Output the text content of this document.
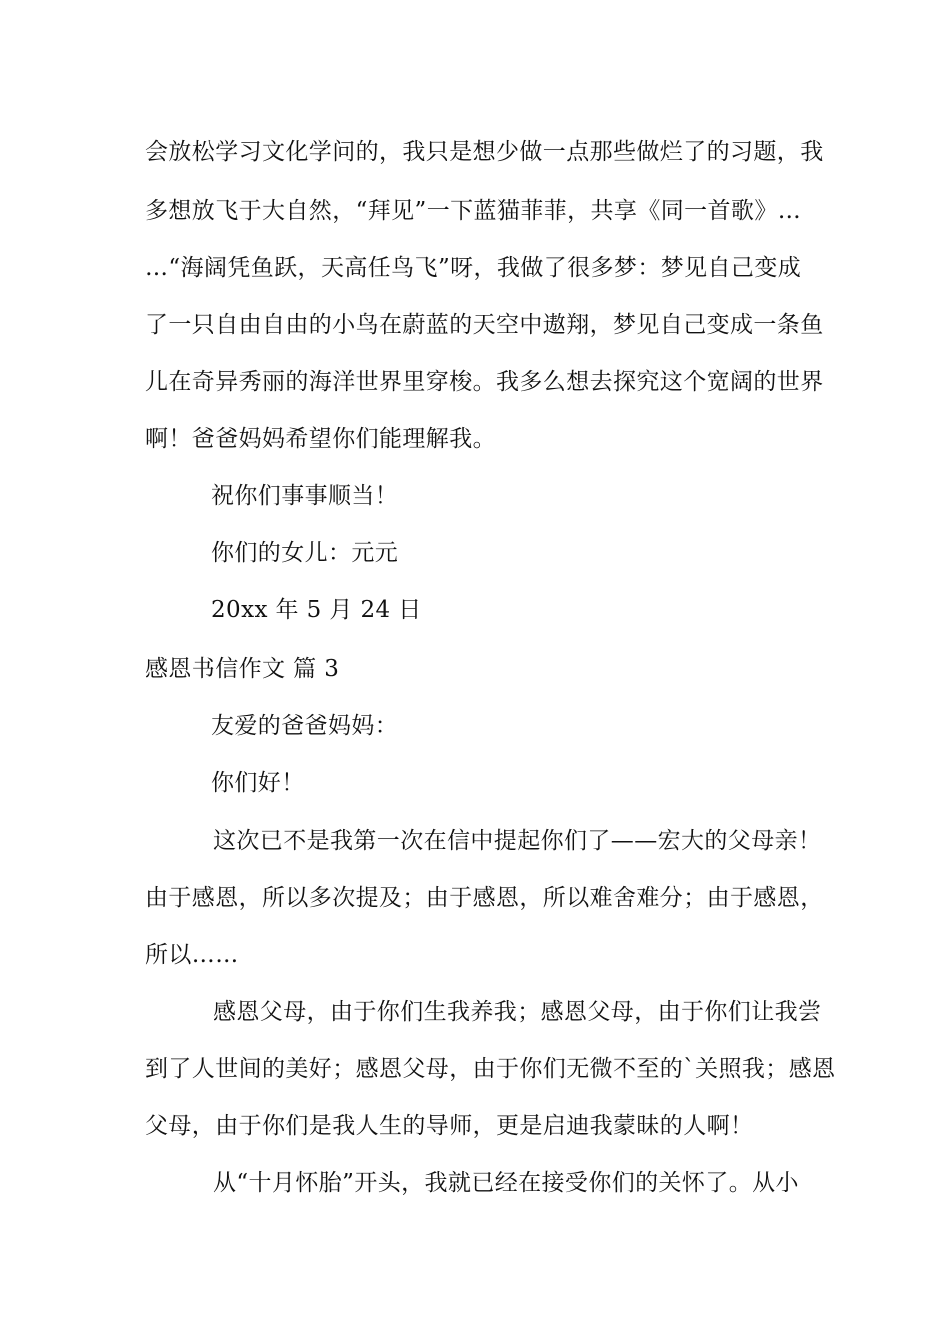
会放松学习文化学问的，我只是想少做一点那些做烂了的习题，我
多想放飞于大自然，“拜见”一下蓝猫菲菲，共享《同一首歌》…
…“海阔凭鱼跃，天高任鸟飞”呀，我做了很多梦：梦见自己变成
了一只自由自由的小鸟在蔚蓝的天空中遨翔，梦见自己变成一条鱼
儿在奇异秀丽的海洋世界里穿梭。我多么想去探究这个宽阔的世界
啊！爸爸妈妈希望你们能理解我。
祝你们事事顺当！
你们的女儿：元元
20xx 年 5 月 24 日
感恩书信作文 篇 3
友爱的爸爸妈妈：
你们好！
这次已不是我第一次在信中提起你们了——宏大的父母亲！
由于感恩，所以多次提及；由于感恩，所以难舍难分；由于感恩，
所以……
感恩父母，由于你们生我养我；感恩父母，由于你们让我尝
到了人世间的美好；感恩父母，由于你们无微不至的`关照我；感恩
父母，由于你们是我人生的导师，更是启迪我蒙昧的人啊！
从“十月怀胎”开头，我就已经在接受你们的关怀了。从小
